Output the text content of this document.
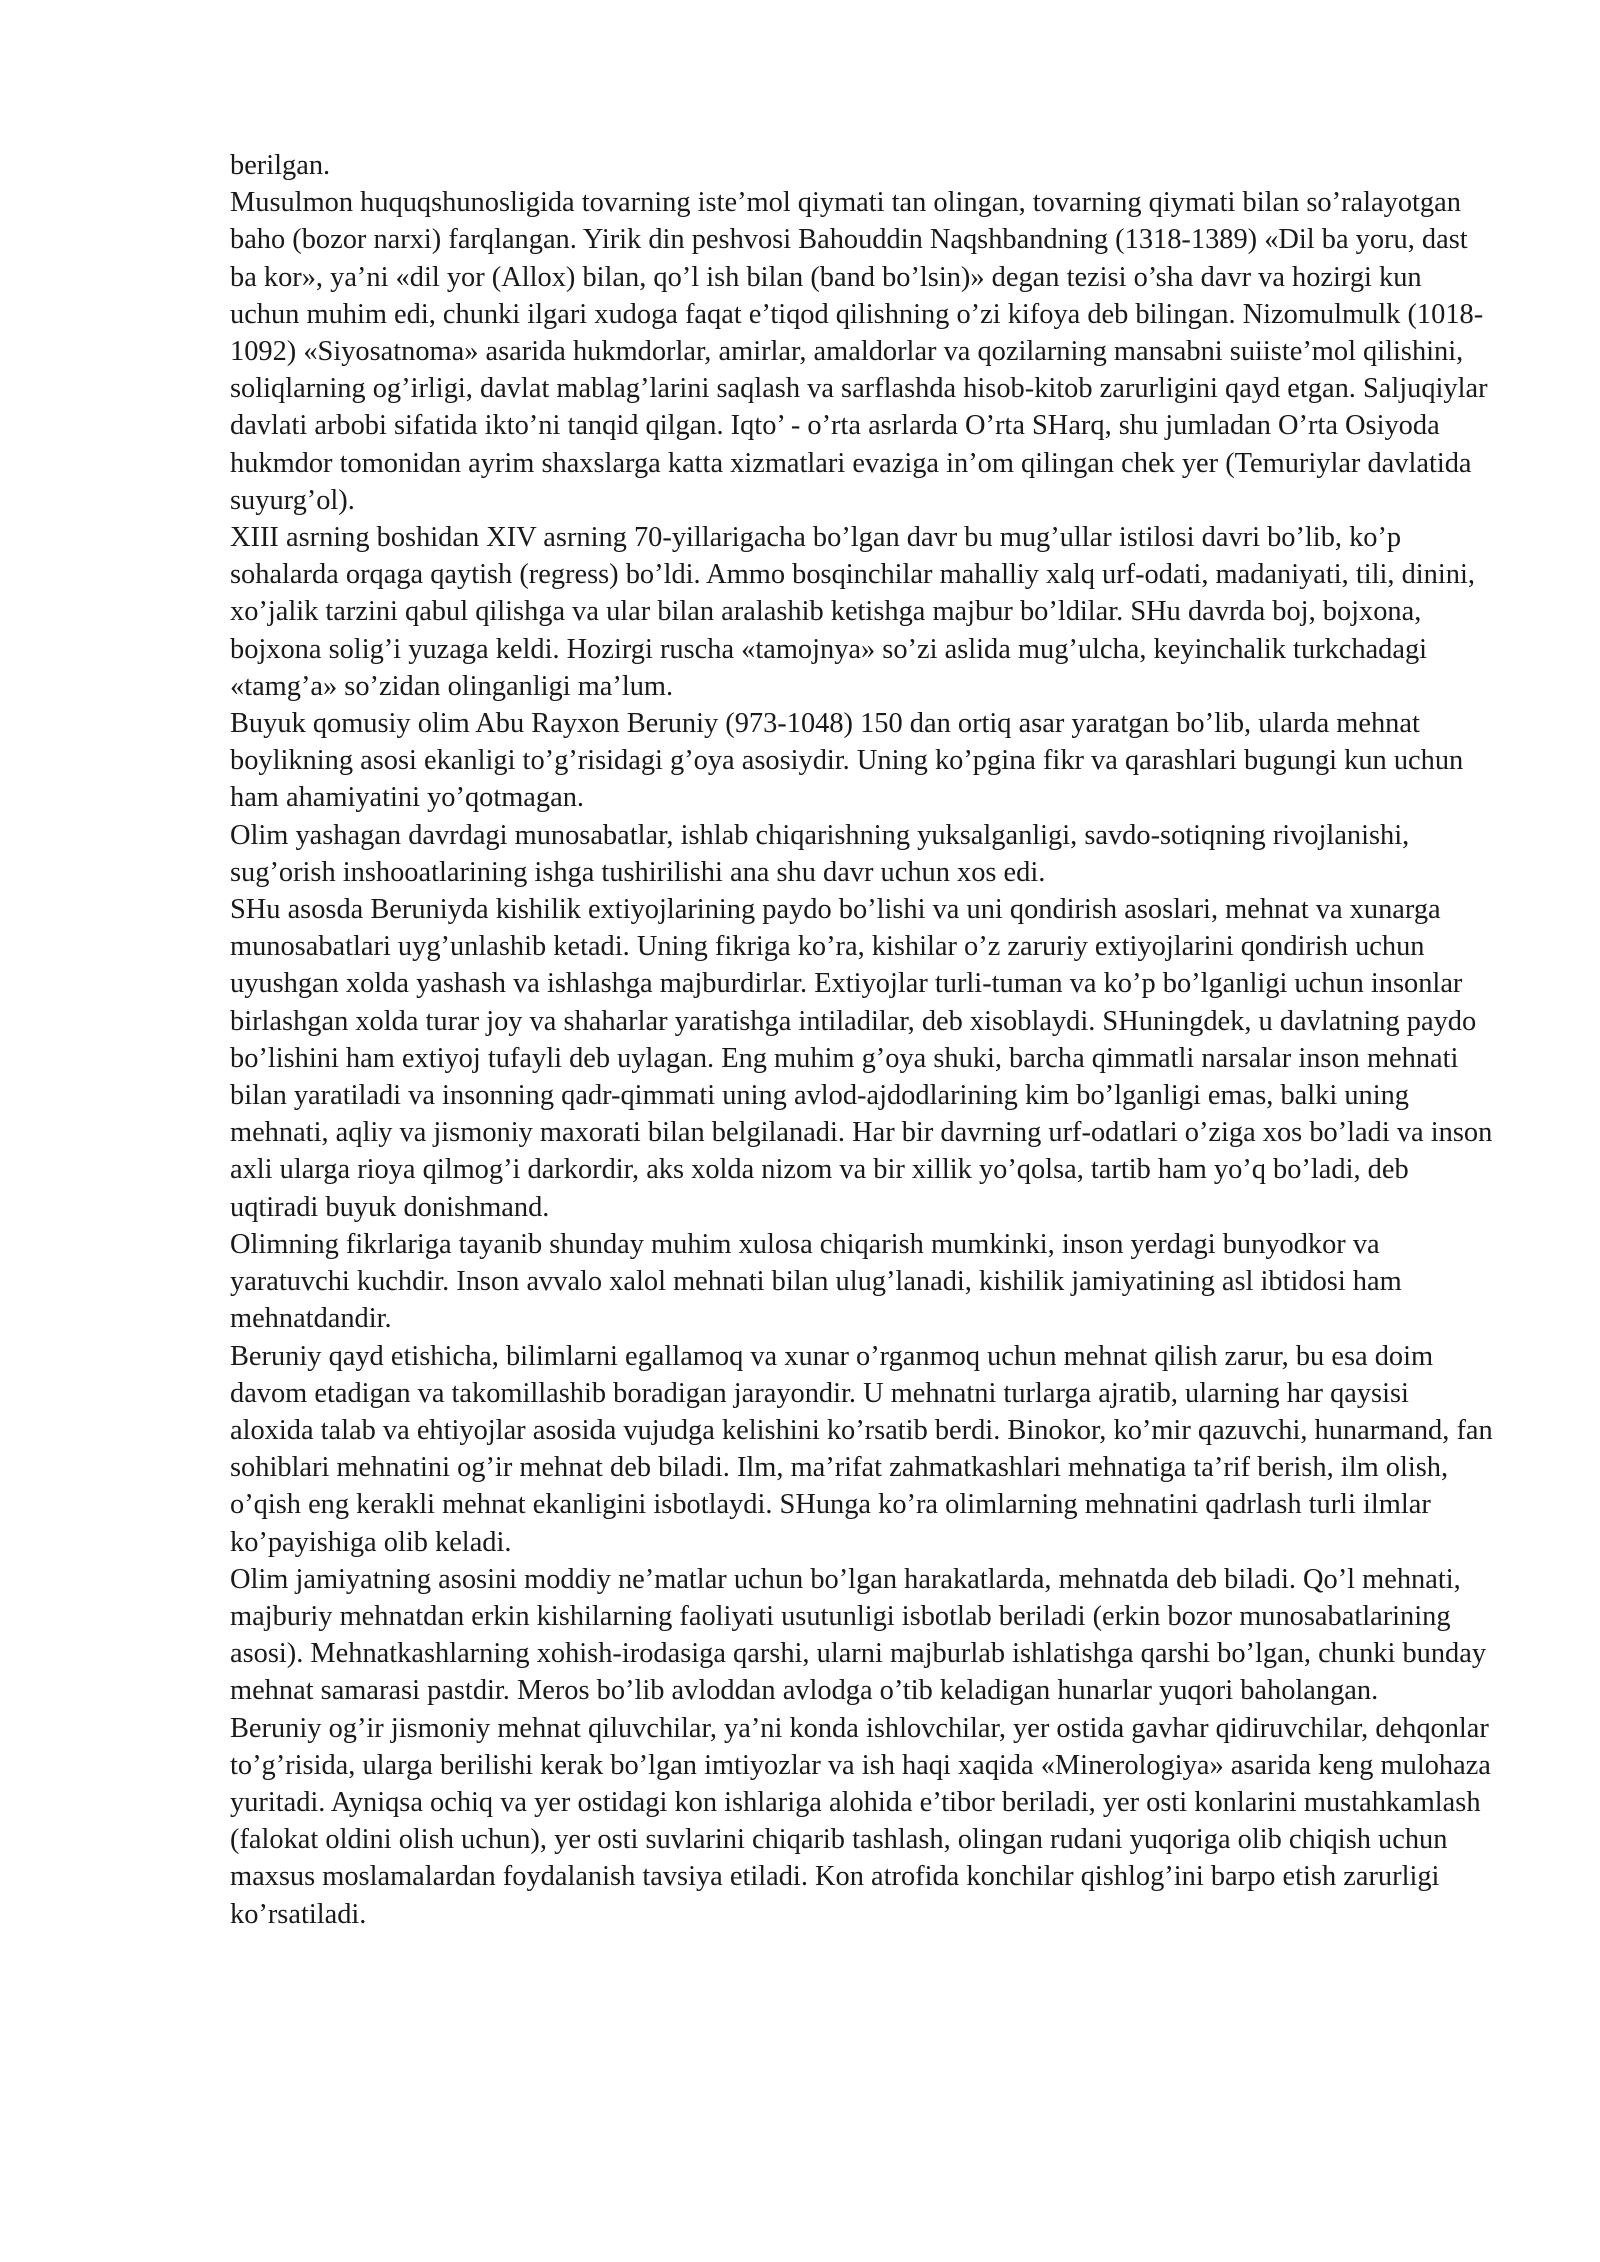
berilgan.

Musulmon huquqshunosligida tovarning iste’mol qiymati tan olingan, tovarning qiymati bilan so’ralayotgan baho (bozor narxi) farqlangan. Yirik din peshvosi Bahouddin Naqshbandning (1318-1389) «Dil ba yoru, dast ba kor», ya’ni «dil yor (Allox) bilan, qo’l ish bilan (band bo’lsin)» degan tezisi o’sha davr va hozirgi kun uchun muhim edi, chunki ilgari xudoga faqat e’tiqod qilishning o’zi kifoya deb bilingan. Nizomulmulk (1018-1092) «Siyosatnoma» asarida hukmdorlar, amirlar, amaldorlar va qozilarning mansabni suiiste’mol qilishini, soliqlarning og’irligi, davlat mablag’larini saqlash va sarflashda hisob-kitob zarurligini qayd etgan. Saljuqiylar davlati arbobi sifatida ikto’ni tanqid qilgan. Iqto’ - o’rta asrlarda O’rta SHarq, shu jumladan O’rta Osiyoda hukmdor tomonidan ayrim shaxslarga katta xizmatlari evaziga in’om qilingan chek yer (Temuriylar davlatida suyurg’ol).

XIII asrning boshidan XIV asrning 70-yillarigacha bo’lgan davr bu mug’ullar istilosi davri bo’lib, ko’p sohalarda orqaga qaytish (regress) bo’ldi. Ammo bosqinchilar mahalliy xalq urf-odati, madaniyati, tili, dinini, xo’jalik tarzini qabul qilishga va ular bilan aralashib ketishga majbur bo’ldilar. SHu davrda boj, bojxona, bojxona solig’i yuzaga keldi. Hozirgi ruscha «tamojnya» so’zi aslida mug’ulcha, keyinchalik turkchadagi «tamg’a» so’zidan olinganligi ma’lum.

Buyuk qomusiy olim Abu Rayxon Beruniy (973-1048) 150 dan ortiq asar yaratgan bo’lib, ularda mehnat boylikning asosi ekanligi to’g’risidagi g’oya asosiydir. Uning ko’pgina fikr va qarashlari bugungi kun uchun ham ahamiyatini yo’qotmagan.

Olim yashagan davrdagi munosabatlar, ishlab chiqarishning yuksalganligi, savdo-sotiqning rivojlanishi, sug’orish inshooatlarining ishga tushirilishi ana shu davr uchun xos edi.

SHu asosda Beruniyda kishilik extiyojlarining paydo bo’lishi va uni qondirish asoslari, mehnat va xunarga munosabatlari uyg’unlashib ketadi. Uning fikriga ko’ra, kishilar o’z zaruriy extiyojlarini qondirish uchun uyushgan xolda yashash va ishlashga majburdirlar. Extiyojlar turli-tuman va ko’p bo’lganligi uchun insonlar birlashgan xolda turar joy va shaharlar yaratishga intiladilar, deb xisoblaydi. SHuningdek, u davlatning paydo bo’lishini ham extiyoj tufayli deb uylagan. Eng muhim g’oya shuki, barcha qimmatli narsalar inson mehnati bilan yaratiladi va insonning qadr-qimmati uning avlod-ajdodlarining kim bo’lganligi emas, balki uning mehnati, aqliy va jismoniy maxorati bilan belgilanadi. Har bir davrning urf-odatlari o’ziga xos bo’ladi va inson axli ularga rioya qilmog’i darkordir, aks xolda nizom va bir xillik yo’qolsa, tartib ham yo’q bo’ladi, deb uqtiradi buyuk donishmand.

Olimning fikrlariga tayanib shunday muhim xulosa chiqarish mumkinki, inson yerdagi bunyodkor va yaratuvchi kuchdir. Inson avvalo xalol mehnati bilan ulug’lanadi, kishilik jamiyatining asl ibtidosi ham mehnatdandir.

Beruniy qayd etishicha, bilimlarni egallamoq va xunar o’rganmoq uchun mehnat qilish zarur, bu esa doim davom etadigan va takomillashib boradigan jarayondir. U mehnatni turlarga ajratib, ularning har qaysisi aloxida talab va ehtiyojlar asosida vujudga kelishini ko’rsatib berdi. Binokor, ko’mir qazuvchi, hunarmand, fan sohiblari mehnatini og’ir mehnat deb biladi. Ilm, ma’rifat zahmatkashlari mehnatiga ta’rif berish, ilm olish, o’qish eng kerakli mehnat ekanligini isbotlaydi. SHunga ko’ra olimlarning mehnatini qadrlash turli ilmlar ko’payishiga olib keladi.

Olim jamiyatning asosini moddiy ne’matlar uchun bo’lgan harakatlarda, mehnatda deb biladi. Qo’l mehnati, majburiy mehnatdan erkin kishilarning faoliyati usutunligi isbotlab beriladi (erkin bozor munosabatlarining asosi). Mehnatkashlarning xohish-irodasiga qarshi, ularni majburlab ishlatishga qarshi bo’lgan, chunki bunday mehnat samarasi pastdir. Meros bo’lib avloddan avlodga o’tib keladigan hunarlar yuqori baholangan.

Beruniy og’ir jismoniy mehnat qiluvchilar, ya’ni konda ishlovchilar, yer ostida gavhar qidiruvchilar, dehqonlar to’g’risida, ularga berilishi kerak bo’lgan imtiyozlar va ish haqi xaqida «Minerologiya» asarida keng mulohaza yuritadi. Ayniqsa ochiq va yer ostidagi kon ishlariga alohida e’tibor beriladi, yer osti konlarini mustahkamlash (falokat oldini olish uchun), yer osti suvlarini chiqarib tashlash, olingan rudani yuqoriga olib chiqish uchun maxsus moslamalardan foydalanish tavsiya etiladi. Kon atrofida konchilar qishlog’ini barpo etish zarurligi ko’rsatiladi.
